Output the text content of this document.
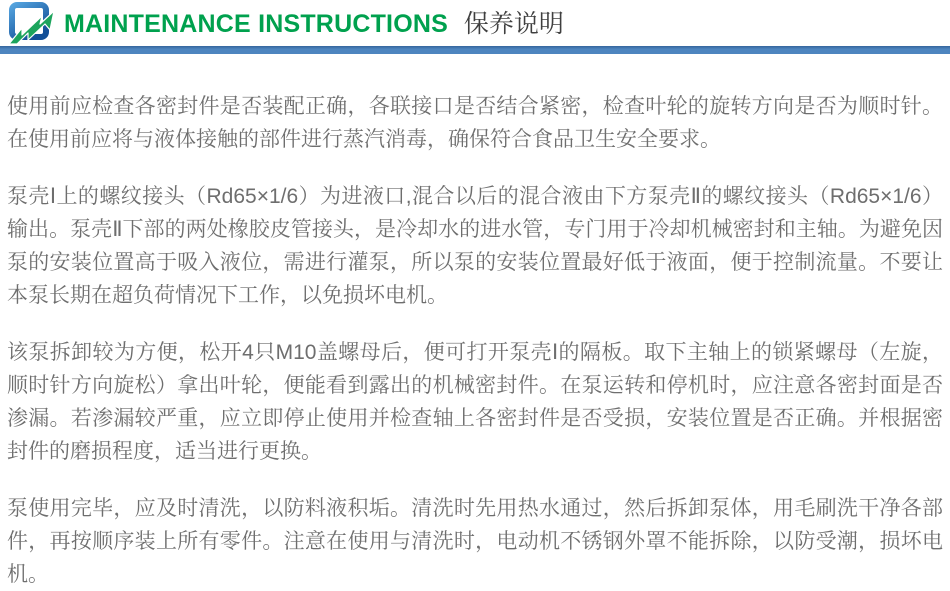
MAINTENANCE INSTRUCTIONS 保养说明

使用前应检查各密封件是否装配正确，各联接口是否结合紧密，检查叶轮的旋转方向是否为顺时针。在使用前应将与液体接触的部件进行蒸汽消毒，确保符合食品卫生安全要求。

泵壳Ⅰ上的螺纹接头（Rd65×1/6）为进液口,混合以后的混合液由下方泵壳Ⅱ的螺纹接头（Rd65×1/6）输出。泵壳Ⅱ下部的两处橡胶皮管接头，是冷却水的进水管，专门用于冷却机械密封和主轴。为避免因泵的安装位置高于吸入液位，需进行灌泵，所以泵的安装位置最好低于液面，便于控制流量。不要让本泵长期在超负荷情况下工作，以免损坏电机。

该泵拆卸较为方便，松开4只M10盖螺母后，便可打开泵壳Ⅰ的隔板。取下主轴上的锁紧螺母（左旋，顺时针方向旋松）拿出叶轮，便能看到露出的机械密封件。在泵运转和停机时，应注意各密封面是否渗漏。若渗漏较严重，应立即停止使用并检查轴上各密封件是否受损，安装位置是否正确。并根据密封件的磨损程度，适当进行更换。

泵使用完毕，应及时清洗，以防料液积垢。清洗时先用热水通过，然后拆卸泵体，用毛刷洗干净各部件，再按顺序装上所有零件。注意在使用与清洗时，电动机不锈钢外罩不能拆除，以防受潮，损坏电机。
